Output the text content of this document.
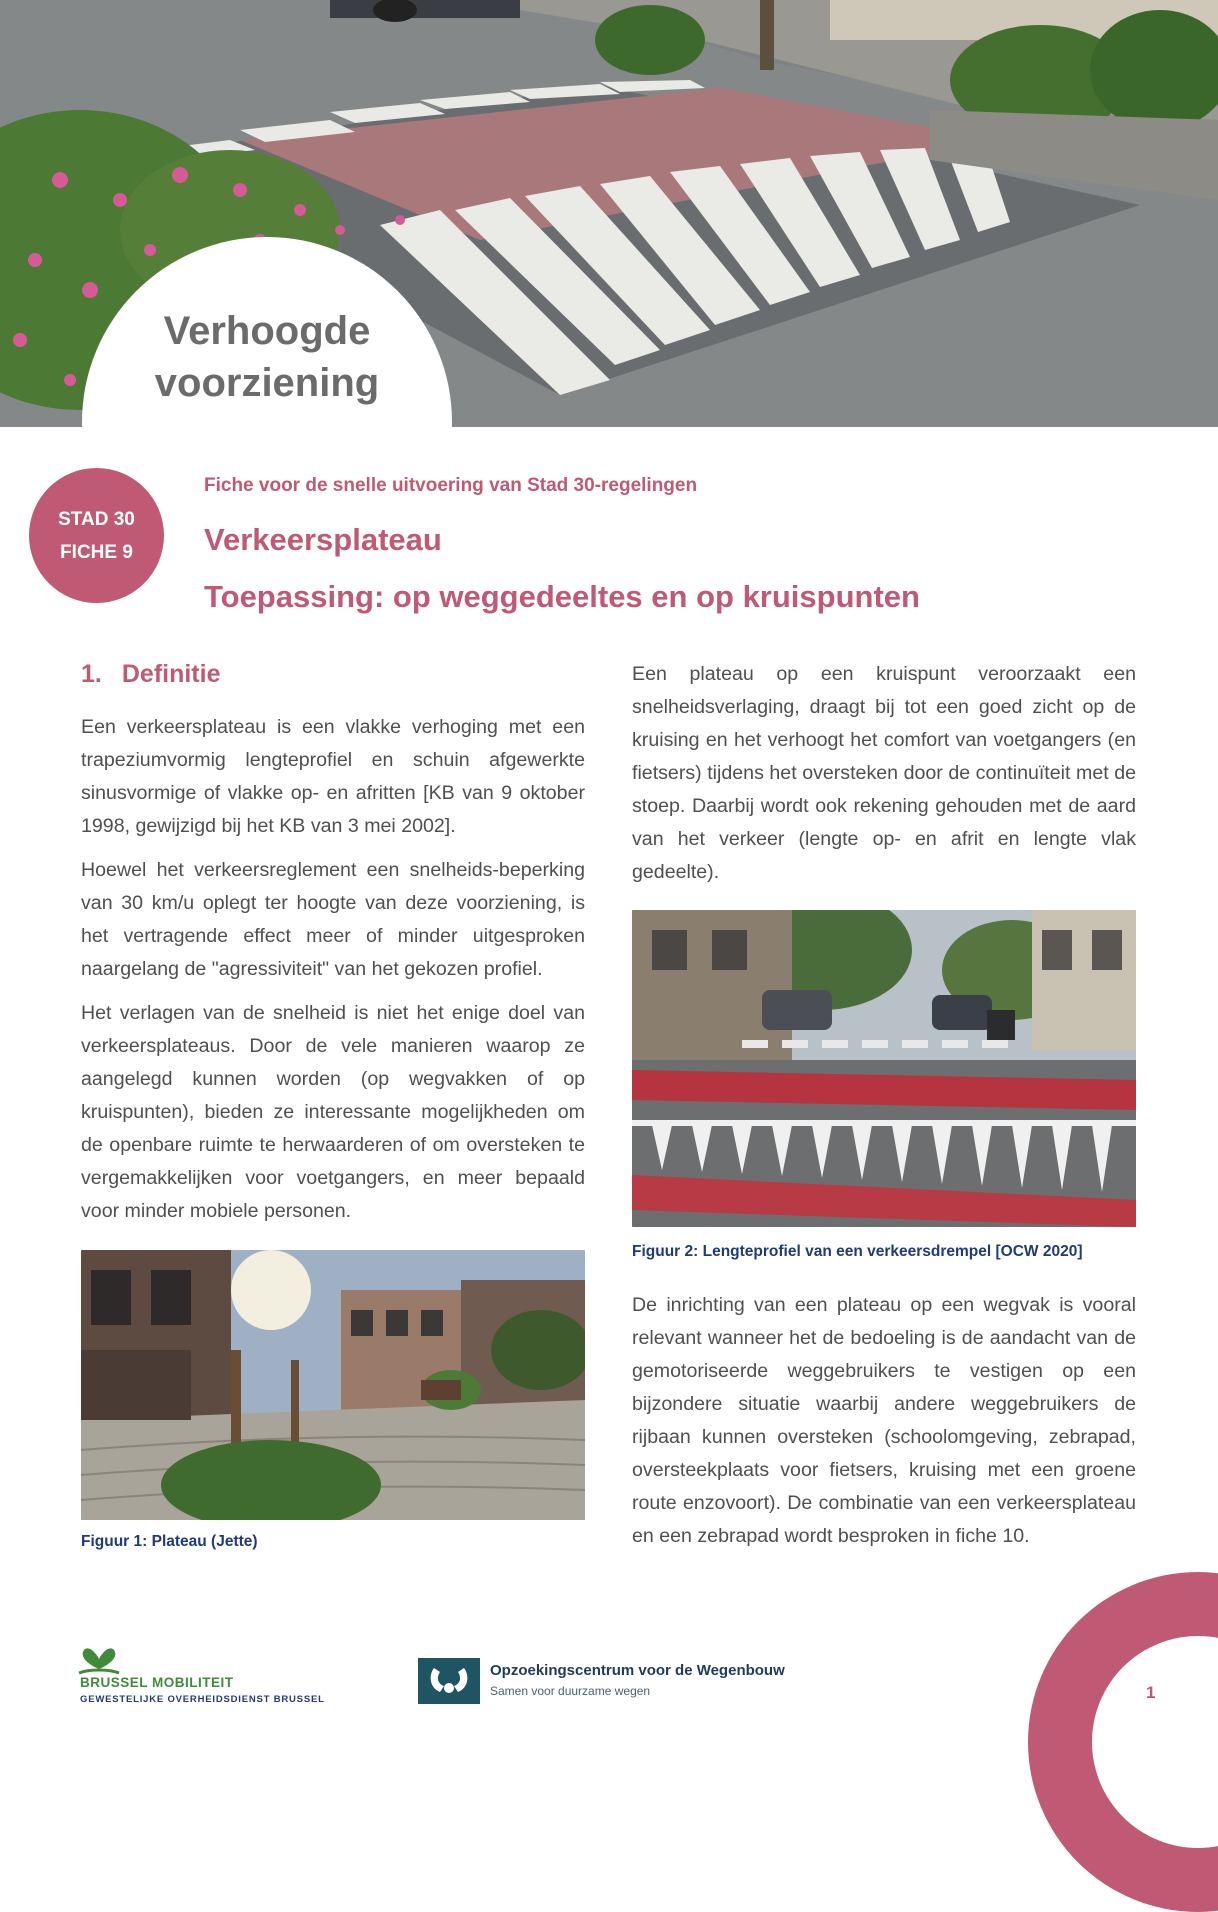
Verhoogde
voorziening
STAD 30
FICHE 9
Fiche voor de snelle uitvoering van Stad 30-regelingen
Verkeersplateau
Toepassing: op weggedeeltes en op kruispunten
1. Definitie

Een verkeersplateau is een vlakke verhoging met een trapeziumvormig lengteprofiel en schuin afgewerkte sinusvormige of vlakke op- en afritten [KB van 9 oktober 1998, gewijzigd bij het KB van 3 mei 2002].

Hoewel het verkeersreglement een snelheids-beperking van 30 km/u oplegt ter hoogte van deze voorziening, is het vertragende effect meer of minder uitgesproken naargelang de "agressiviteit" van het gekozen profiel.

Het verlagen van de snelheid is niet het enige doel van verkeersplateaus. Door de vele manieren waarop ze aangelegd kunnen worden (op wegvakken of op kruispunten), bieden ze interessante mogelijkheden om de openbare ruimte te herwaarderen of om oversteken te vergemakkelijken voor voetgangers, en meer bepaald voor minder mobiele personen.

Figuur 1: Plateau (Jette)

Een plateau op een kruispunt veroorzaakt een snelheidsverlaging, draagt bij tot een goed zicht op de kruising en het verhoogt het comfort van voetgangers (en fietsers) tijdens het oversteken door de continuïteit met de stoep. Daarbij wordt ook rekening gehouden met de aard van het verkeer (lengte op- en afrit en lengte vlak gedeelte).

Figuur 2: Lengteprofiel van een verkeersdrempel [OCW 2020]

De inrichting van een plateau op een wegvak is vooral relevant wanneer het de bedoeling is de aandacht van de gemotoriseerde weggebruikers te vestigen op een bijzondere situatie waarbij andere weggebruikers de rijbaan kunnen oversteken (schoolomgeving, zebrapad, oversteekplaats voor fietsers, kruising met een groene route enzovoort). De combinatie van een verkeersplateau en een zebrapad wordt besproken in fiche 10.

BRUSSEL MOBILITEIT
GEWESTELIJKE OVERHEIDSDIENST BRUSSEL
Opzoekingscentrum voor de Wegenbouw
Samen voor duurzame wegen	1
